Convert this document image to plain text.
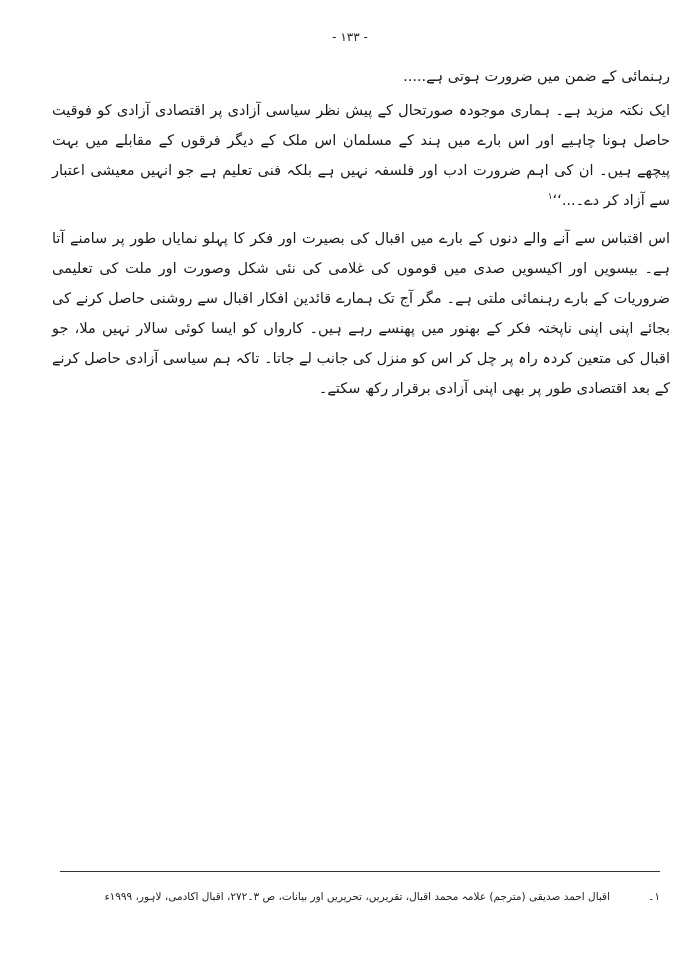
- ۱۳۳ -

رہنمائی کے ضمن میں ضرورت ہوتی ہے.....

ایک نکتہ مزید ہے۔ ہماری موجودہ صورتحال کے پیش نظر سیاسی آزادی پر اقتصادی آزادی کو فوقیت حاصل ہونا چاہیے اور اس بارے میں ہند کے مسلمان اس ملک کے دیگر فرقوں کے مقابلے میں بہت پیچھے ہیں۔ ان کی اہم ضرورت ادب اور فلسفہ نہیں ہے بلکہ فنی تعلیم ہے جو انہیں معیشی اعتبار سے آزاد کر دے۔...‘‘$^۱$

اس اقتباس سے آنے والے دنوں کے بارے میں اقبال کی بصیرت اور فکر کا پہلو نمایاں طور پر سامنے آتا ہے۔ بیسویں اور اکیسویں صدی میں قوموں کی غلامی کی نئی شکل وصورت اور ملت کی تعلیمی ضروریات کے بارے رہنمائی ملتی ہے۔ مگر آج تک ہمارے قائدین افکار اقبال سے روشنی حاصل کرنے کی بجائے اپنی اپنی ناپختہ فکر کے بھنور میں پھنسے رہے ہیں۔ کارواں کو ایسا کوئی سالار نہیں ملا، جو اقبال کی متعین کردہ راہ پر چل کر اس کو منزل کی جانب لے جاتا۔ تاکہ ہم سیاسی آزادی حاصل کرنے کے بعد اقتصادی طور پر بھی اپنی آزادی برقرار رکھ سکتے۔

۱۔
اقبال احمد صدیقی (مترجم) علامہ محمد اقبال، تقریریں، تحریریں اور بیانات، ص ۳۔۲۷۲، اقبال اکادمی، لاہور، ۱۹۹۹ء
